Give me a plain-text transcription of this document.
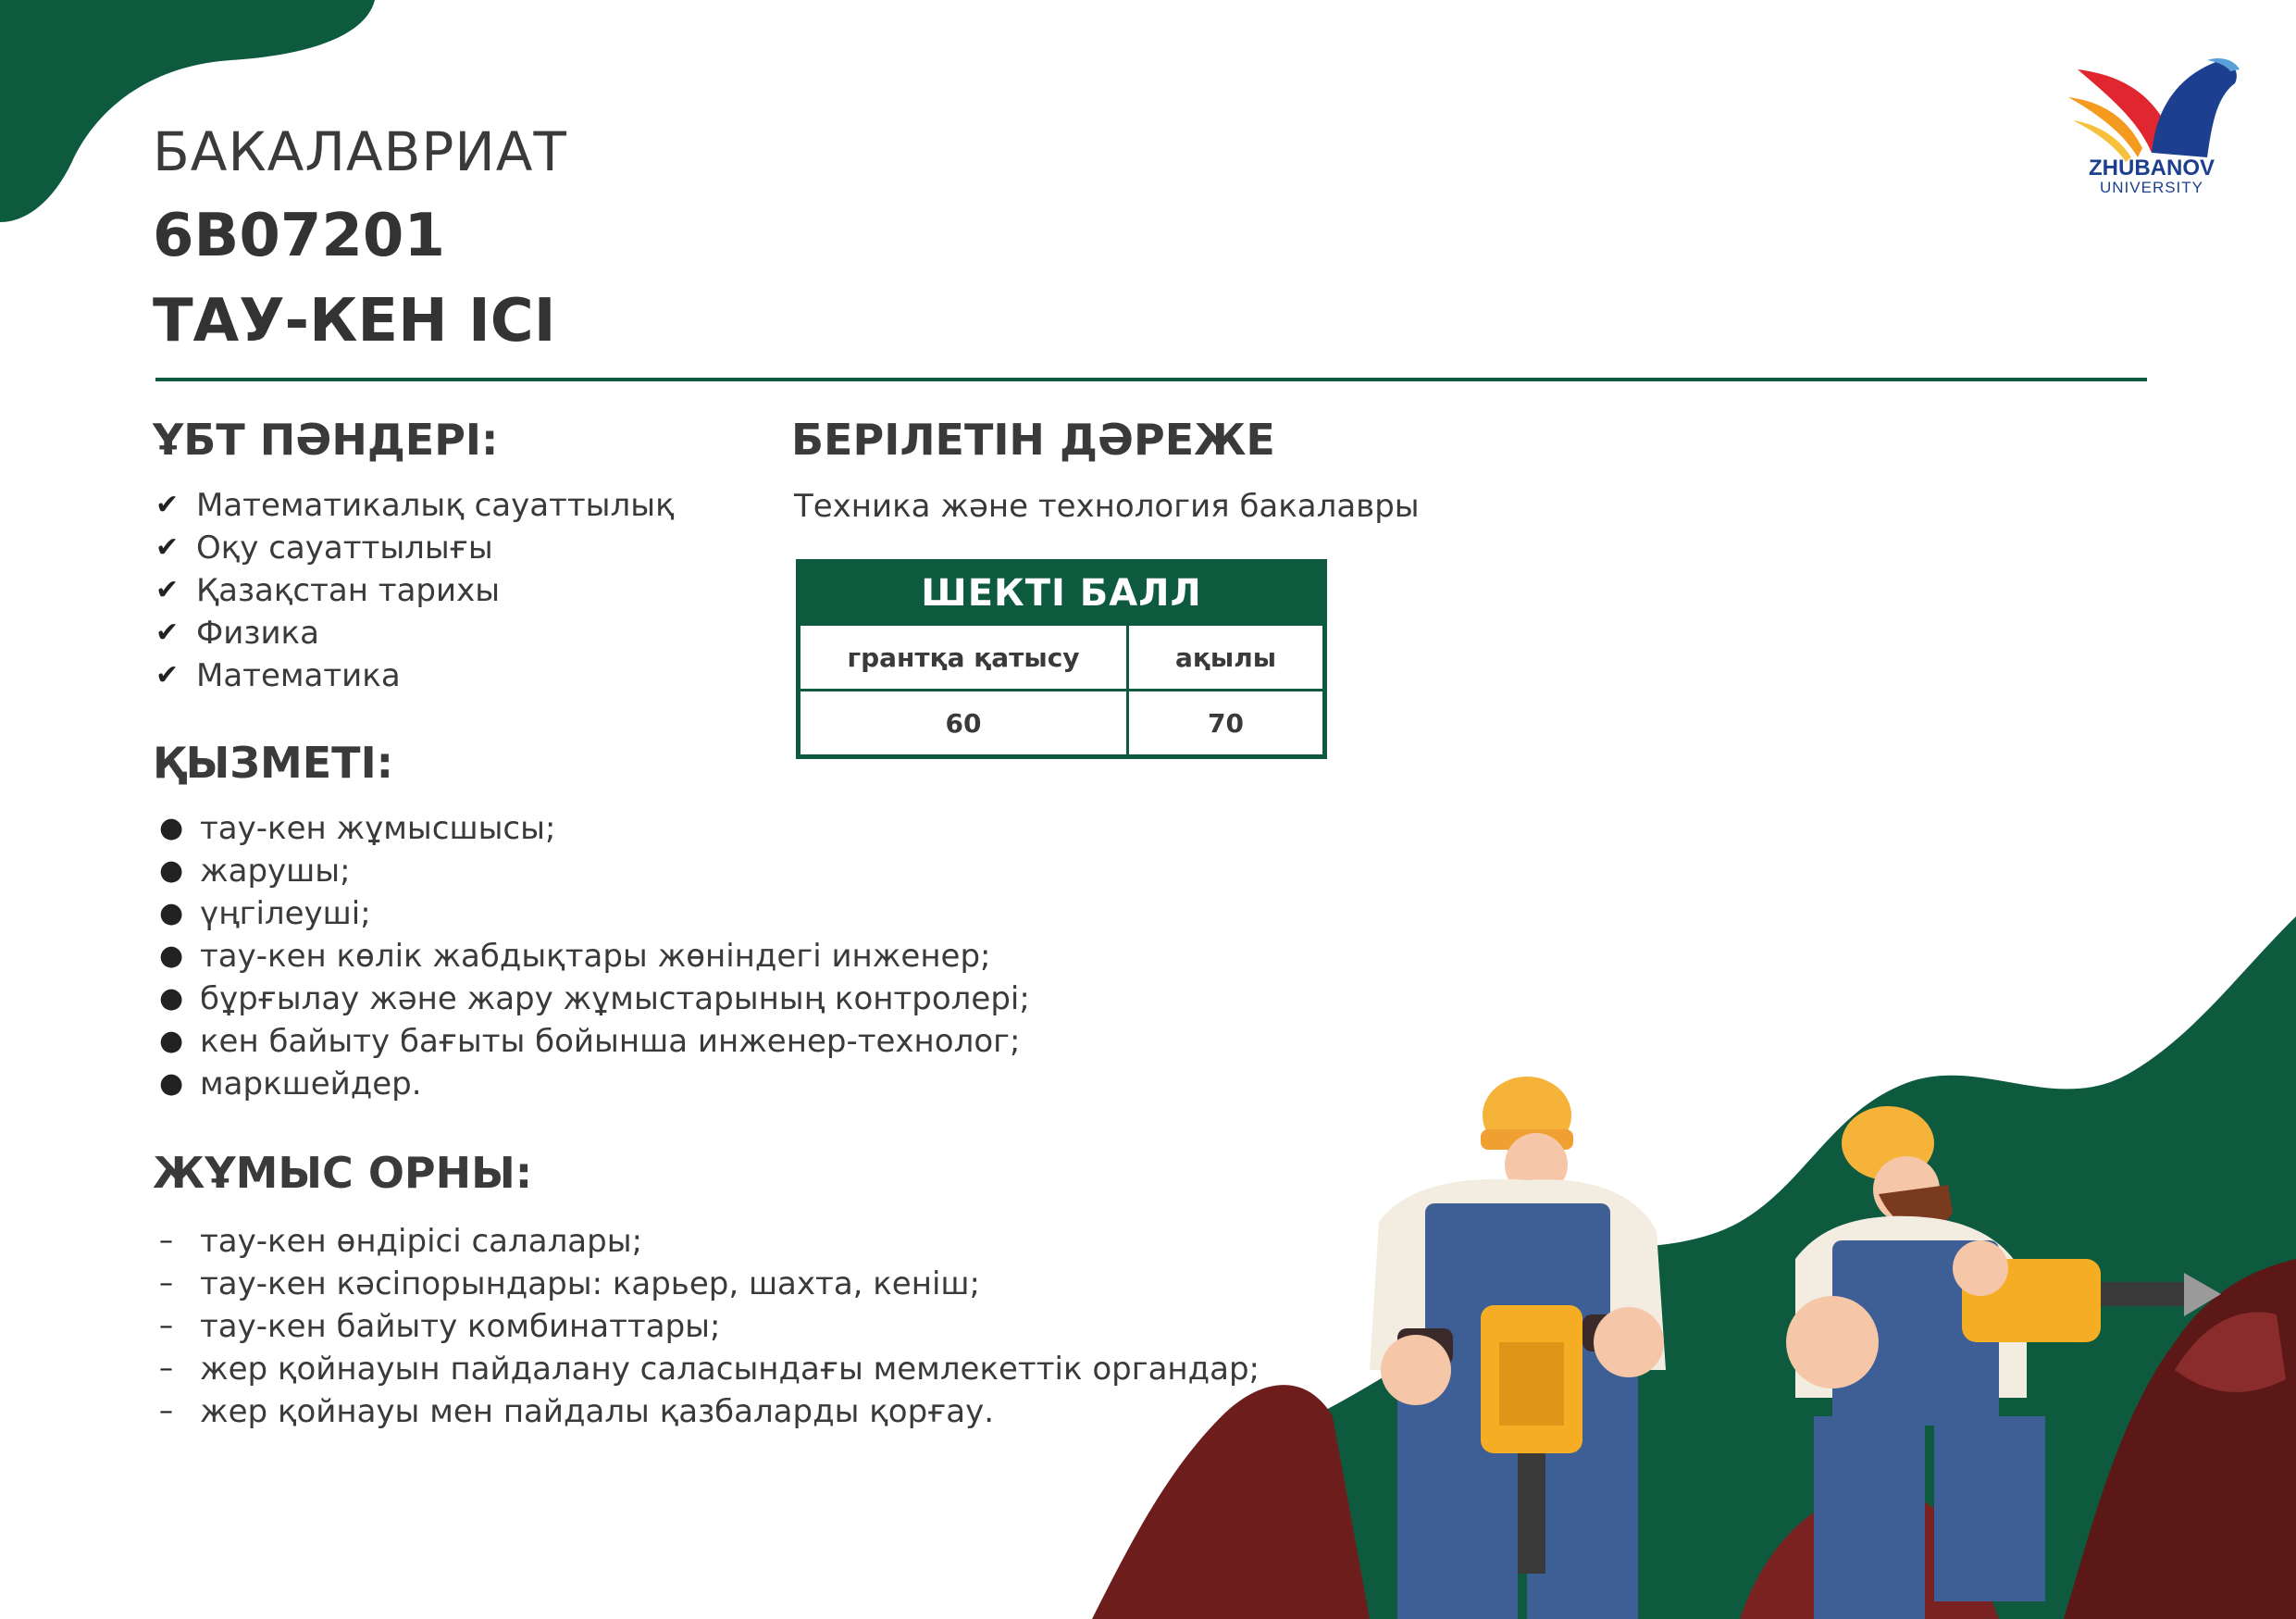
ZHUBANOV
UNIVERSITY
БАКАЛАВРИАТ
6B07201
ТАУ-КЕН ІСІ
ҰБТ ПӘНДЕРІ:
✔ Математикалық сауаттылық
✔ Оқу сауаттылығы
✔ Қазақстан тарихы
✔ Физика
✔ Математика
БЕРІЛЕТІН ДӘРЕЖЕ
Техника және технология бакалавры
ШЕКТІ БАЛЛ	
грантқа қатысу	ақылы
60	70
ҚЫЗМЕТІ:
● тау-кен жұмысшысы;
● жарушы;
● үңгілеуші;
● тау-кен көлік жабдықтары жөніндегі инженер;
● бұрғылау және жару жұмыстарының контролері;
● кен байыту бағыты бойынша инженер-технолог;
● маркшейдер.
ЖҰМЫС ОРНЫ:
– тау-кен өндірісі салалары;
– тау-кен кәсіпорындары: карьер, шахта, кеніш;
– тау-кен байыту комбинаттары;
– жер қойнауын пайдалану саласындағы мемлекеттік органдар;
– жер қойнауы мен пайдалы қазбаларды қорғау.
